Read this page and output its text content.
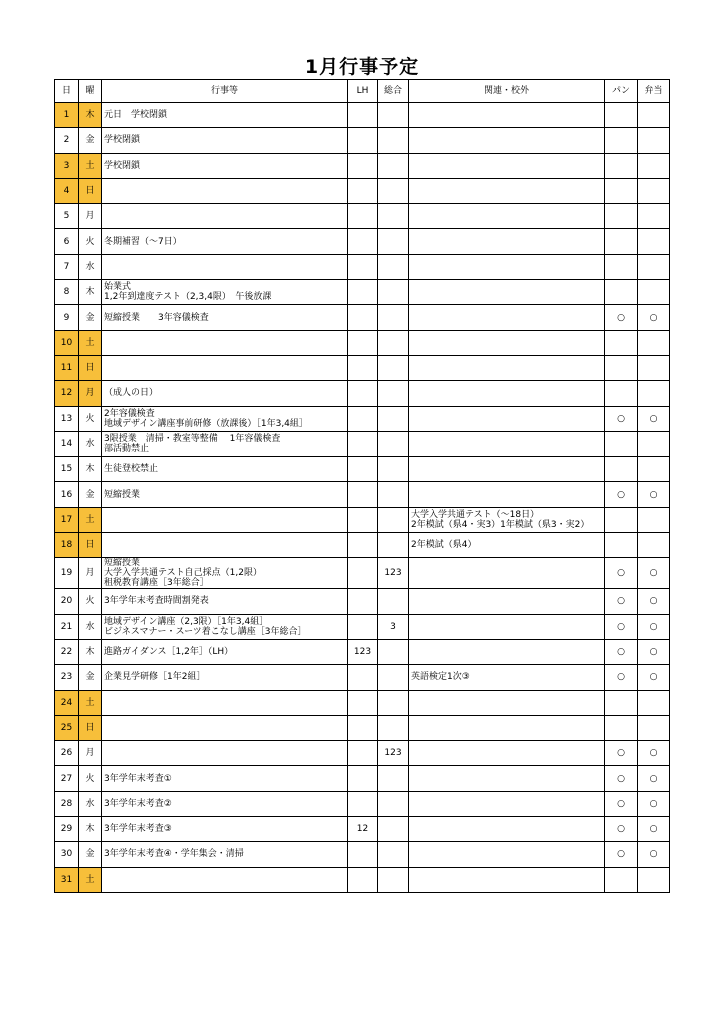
1月行事予定
日	曜	行事等	LH	総合	関連・校外	パン	弁当
1	木	元日　学校閉鎖					

2	金	学校閉鎖					

3	土	学校閉鎖					

4	日						
5	月						
6	火	冬期補習（～7日）					

7	水						
8	木	始業式
1,2年到達度テスト（2,3,4限）　午後放課					

9	金	短縮授業　　3年容儀検査				○	○
10	土						
11	日						
12	月	（成人の日）					

13	火	2年容儀検査
地域デザイン講座事前研修（放課後）［1年3,4組］				○	○
14	水	3限授業　清掃・教室等整備　 1年容儀検査
部活動禁止					

15	木	生徒登校禁止					

16	金	短縮授業				○	○
17	土				大学入学共通テスト（～18日）
2年模試（県4・実3）1年模試（県3・実2）		

18	日				2年模試（県4）		

19	月	短縮授業
大学入学共通テスト自己採点（1,2限）
租税教育講座［3年総合］		123		○	○
20	火	3年学年末考査時間割発表				○	○
21	水	地域デザイン講座（2,3限）［1年3,4組］
ビジネスマナー・スーツ着こなし講座［3年総合］		3		○	○
22	木	進路ガイダンス［1,2年］（LH）	123			○	○
23	金	企業見学研修［1年2組］			英語検定1次③	○	○
24	土						
25	日						
26	月			123		○	○
27	火	3年学年末考査①				○	○
28	水	3年学年末考査②				○	○
29	木	3年学年末考査③	12			○	○
30	金	3年学年末考査④・学年集会・清掃				○	○
31	土						
